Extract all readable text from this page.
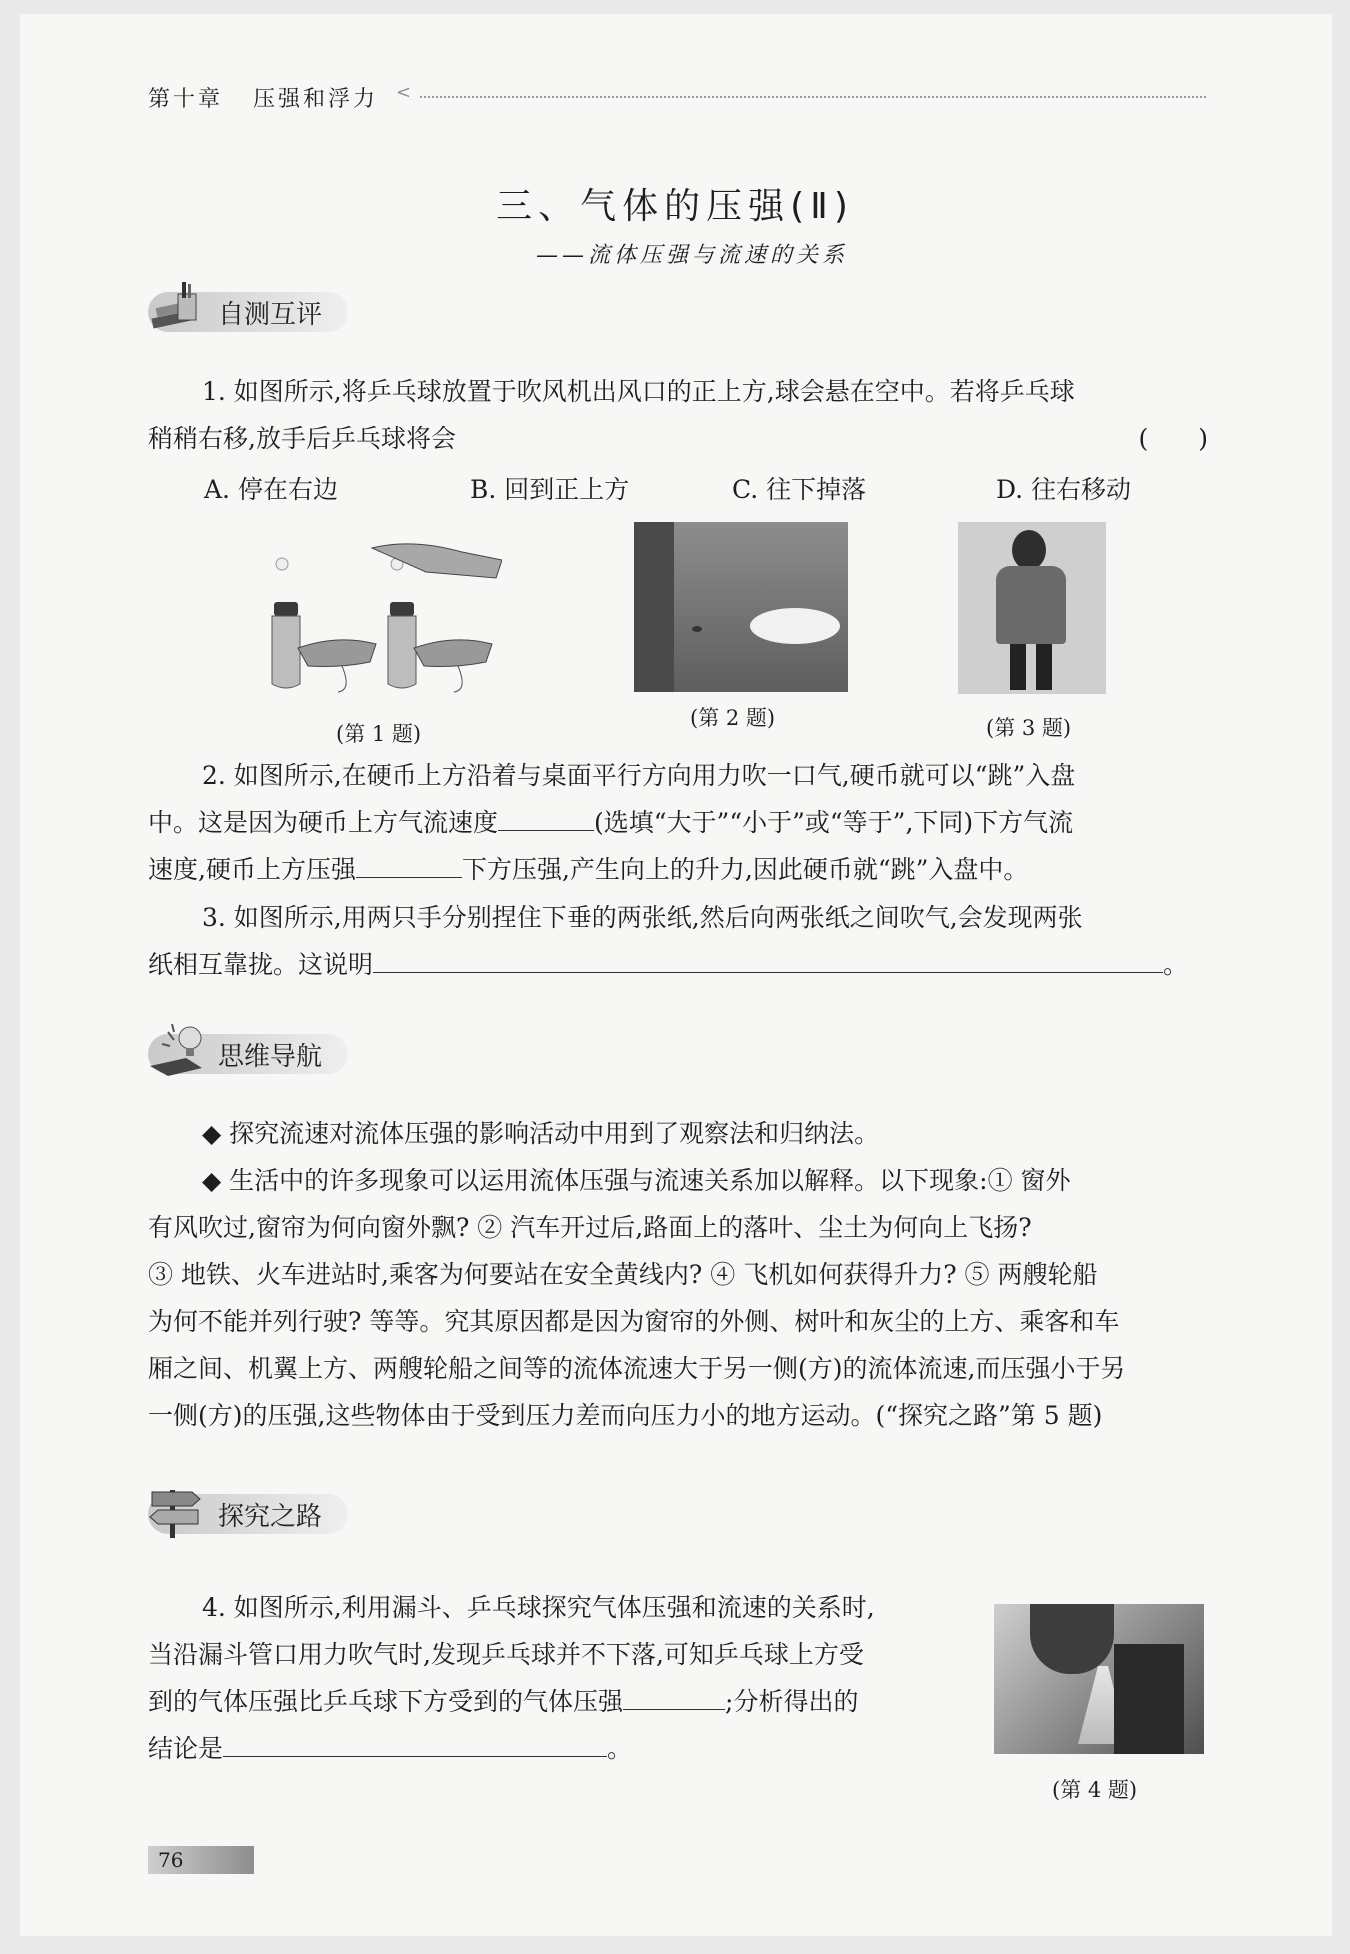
第十章 压强和浮力 <
三、气体的压强(Ⅱ)
——流体压强与流速的关系
自测互评
1. 如图所示,将乒乓球放置于吹风机出风口的正上方,球会悬在空中。若将乒乓球
稍稍右移,放手后乒乓球将会	(　　)
A. 停在右边	B. 回到正上方	C. 往下掉落	D. 往右移动
(第 1 题)
(第 2 题)	(第 3 题)
2. 如图所示,在硬币上方沿着与桌面平行方向用力吹一口气,硬币就可以“跳”入盘
中。这是因为硬币上方气流速度	(选填“大于”“小于”或“等于”,下同)下方气流
速度,硬币上方压强	下方压强,产生向上的升力,因此硬币就“跳”入盘中。
3. 如图所示,用两只手分别捏住下垂的两张纸,然后向两张纸之间吹气,会发现两张
纸相互靠拢。这说明	。
思维导航
◆ 探究流速对流体压强的影响活动中用到了观察法和归纳法。
◆ 生活中的许多现象可以运用流体压强与流速关系加以解释。以下现象:① 窗外
有风吹过,窗帘为何向窗外飘? ② 汽车开过后,路面上的落叶、尘土为何向上飞扬?
③ 地铁、火车进站时,乘客为何要站在安全黄线内? ④ 飞机如何获得升力? ⑤ 两艘轮船
为何不能并列行驶? 等等。究其原因都是因为窗帘的外侧、树叶和灰尘的上方、乘客和车
厢之间、机翼上方、两艘轮船之间等的流体流速大于另一侧(方)的流体流速,而压强小于另
一侧(方)的压强,这些物体由于受到压力差而向压力小的地方运动。(“探究之路”第 5 题)
探究之路
4. 如图所示,利用漏斗、乒乓球探究气体压强和流速的关系时,
当沿漏斗管口用力吹气时,发现乒乓球并不下落,可知乒乓球上方受
到的气体压强比乒乓球下方受到的气体压强	;分析得出的
结论是	。
(第 4 题)
76
